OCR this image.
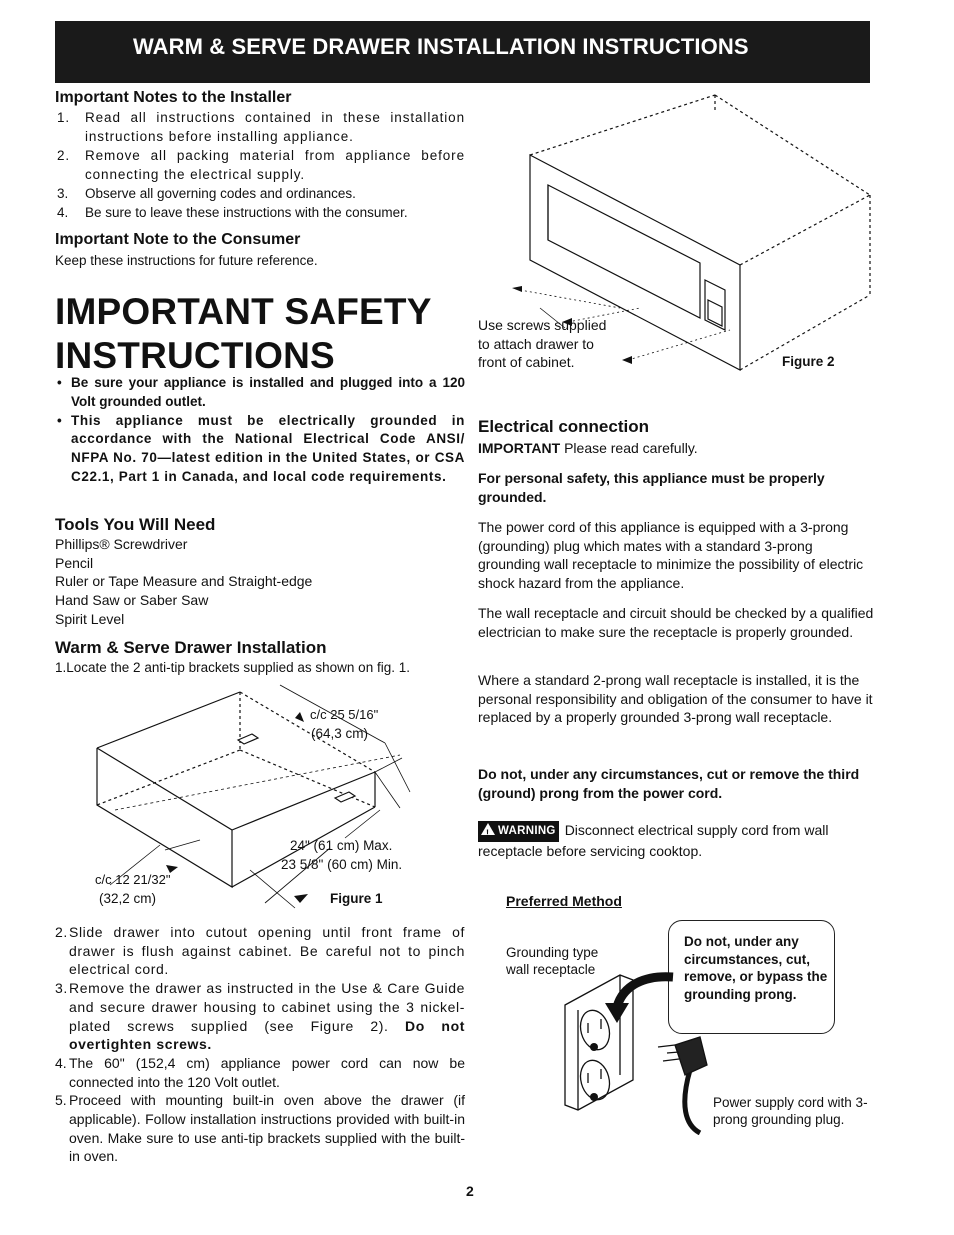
WARM & SERVE DRAWER INSTALLATION INSTRUCTIONS
Important Notes to the Installer
1. Read all instructions contained in these installation instructions before installing appliance.
2. Remove all packing material from appliance before connecting the electrical supply.
3. Observe all governing codes and ordinances.
4. Be sure to leave these instructions with the consumer.
Important Note to the Consumer
Keep these instructions for future reference.
IMPORTANT SAFETY
INSTRUCTIONS
• Be sure your appliance is installed and plugged into a 120 Volt grounded outlet.
• This appliance must be electrically grounded in accordance with the National Electrical Code ANSI/ NFPA No. 70—latest edition in the United States, or CSA C22.1, Part 1 in Canada, and local code requirements.
Tools You Will Need
Phillips® Screwdriver
Pencil
Ruler or Tape Measure and Straight-edge
Hand Saw or Saber Saw
Spirit Level
Warm & Serve Drawer Installation
1.Locate the 2 anti-tip brackets supplied as shown on fig. 1.
c/c 25 5/16"
(64,3 cm)
24" (61 cm) Max.
23 5/8" (60 cm) Min.
c/c 12 21/32"
(32,2 cm)	Figure 1
2. Slide drawer into cutout opening until front frame of drawer is flush against cabinet. Be careful not to pinch electrical cord.
3. Remove the drawer as instructed in the Use & Care Guide and secure drawer housing to cabinet using the 3 nickel-plated screws supplied (see Figure 2). Do not overtighten screws.
4. The 60" (152,4 cm) appliance power cord can now be connected into the 120 Volt outlet.
5. Proceed with mounting built-in oven above the drawer (if applicable). Follow installation instructions provided with built-in oven. Make sure to use anti-tip brackets supplied with the built-in oven.
Use screws supplied to attach drawer to front of cabinet.	Figure 2
Electrical connection
IMPORTANT Please read carefully.
For personal safety, this appliance must be properly grounded.
The power cord of this appliance is equipped with a 3-prong (grounding) plug which mates with a standard 3-prong grounding wall receptacle to minimize the possibility of electric shock hazard from the appliance.
The wall receptacle and circuit should be checked by a qualified electrician to make sure the receptacle is properly grounded.
Where a standard 2-prong wall receptacle is installed, it is the personal responsibility and obligation of the consumer to have it replaced by a properly grounded 3-prong wall receptacle.
Do not, under any circumstances, cut or remove the third (ground) prong from the power cord.
!WARNING Disconnect electrical supply cord from wall receptacle before servicing cooktop.
Preferred Method
Grounding type wall receptacle
Do not, under any circumstances, cut, remove, or bypass the grounding prong.
Power supply cord with 3-prong grounding plug.
2
